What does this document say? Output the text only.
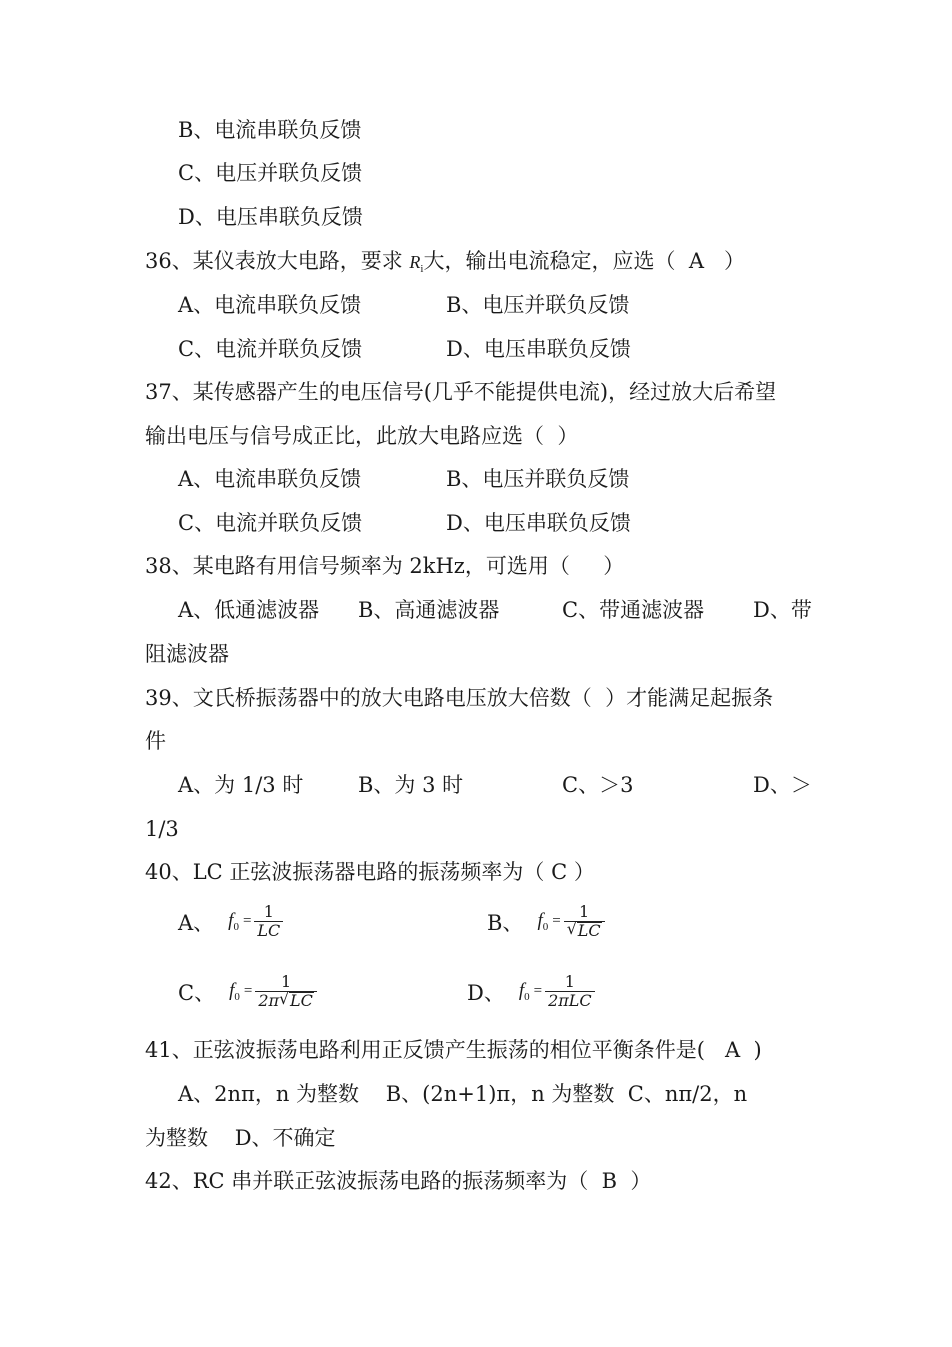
B、电流串联负反馈
C、电压并联负反馈
D、电压串联负反馈
36、某仪表放大电路，要求 $R_i$大，输出电流稳定，应选（  A   ）
A、电流串联负反馈	B、电压并联负反馈
C、电流并联负反馈	D、电压串联负反馈
37、某传感器产生的电压信号(几乎不能提供电流)，经过放大后希望
输出电压与信号成正比，此放大电路应选（  ）
A、电流串联负反馈	B、电压并联负反馈
C、电流并联负反馈	D、电压串联负反馈
38、某电路有用信号频率为 2kHz，可选用（     ）
A、低通滤波器 B、高通滤波器	C、带通滤波器 D、带
阻滤波器
39、文氏桥振荡器中的放大电路电压放大倍数（  ）才能满足起振条
件
A、为 1/3 时	B、为 3 时	C、＞3	D、＞
1/3
40、LC 正弦波振荡器电路的振荡频率为（ C ）
A、 $f_0 = \frac{1}{LC}$	B、 $f_0 = \frac{1}{√ LC}$
C、 $f_0 = \frac{1}{2\pi √ LC}$	D、 $f_0 = \frac{1}{\text{2πLC}}$
41、正弦波振荡电路利用正反馈产生振荡的相位平衡条件是(   A  )
A、2nπ，n 为整数    B、(2n+1)π，n 为整数  C、nπ/2，n
为整数    D、不确定
42、RC 串并联正弦波振荡电路的振荡频率为（  B  ）
